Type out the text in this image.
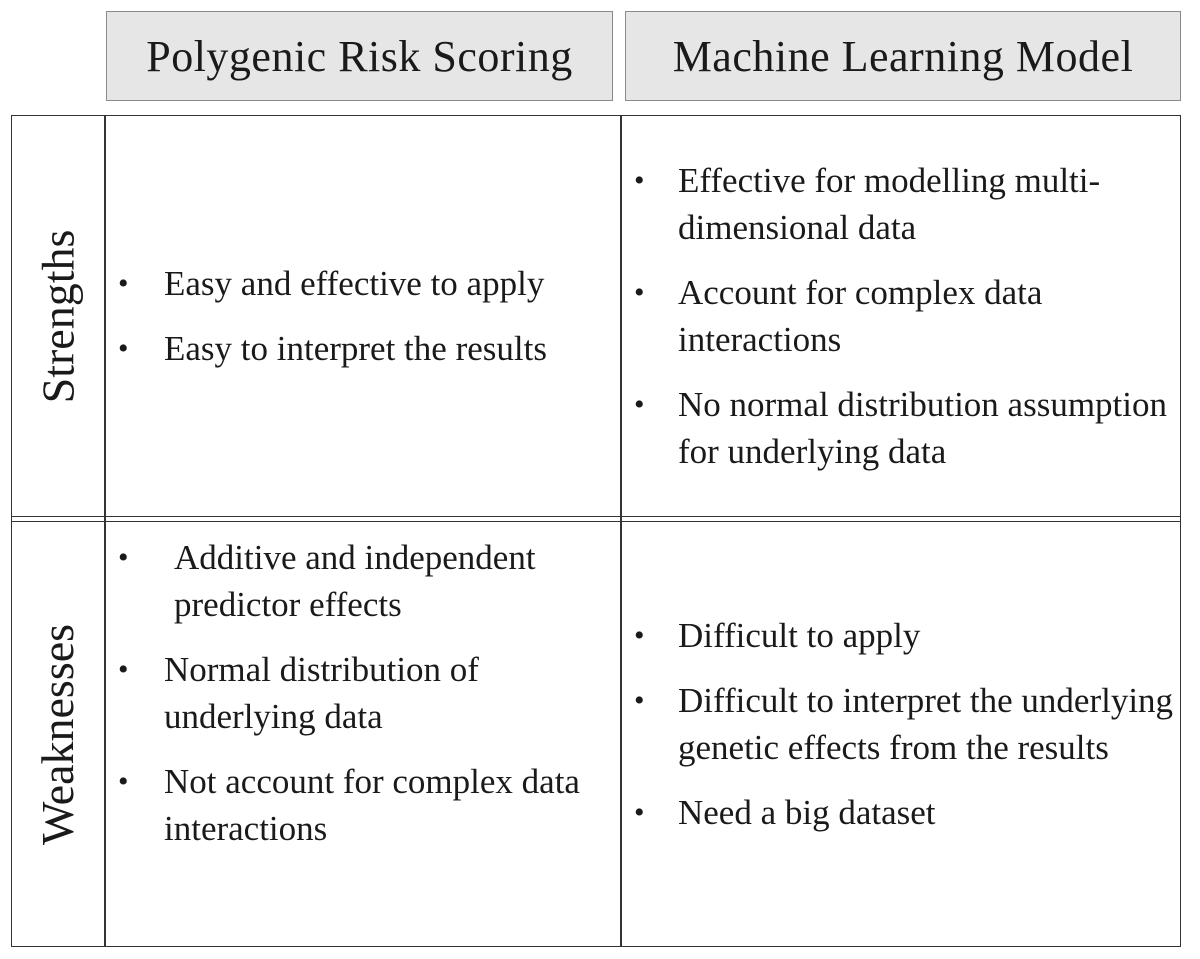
Polygenic Risk Scoring	Machine Learning Model
Strengths
Weaknesses
• Easy and effective to apply
• Easy to interpret the results
• Effective for modelling multi-dimensional data
• Account for complex data interactions
• No normal distribution assumption for underlying data
• Additive and independent predictor effects
• Normal distribution of underlying data
• Not account for complex data interactions
• Difficult to apply
• Difficult to interpret the underlying genetic effects from the results
• Need a big dataset
